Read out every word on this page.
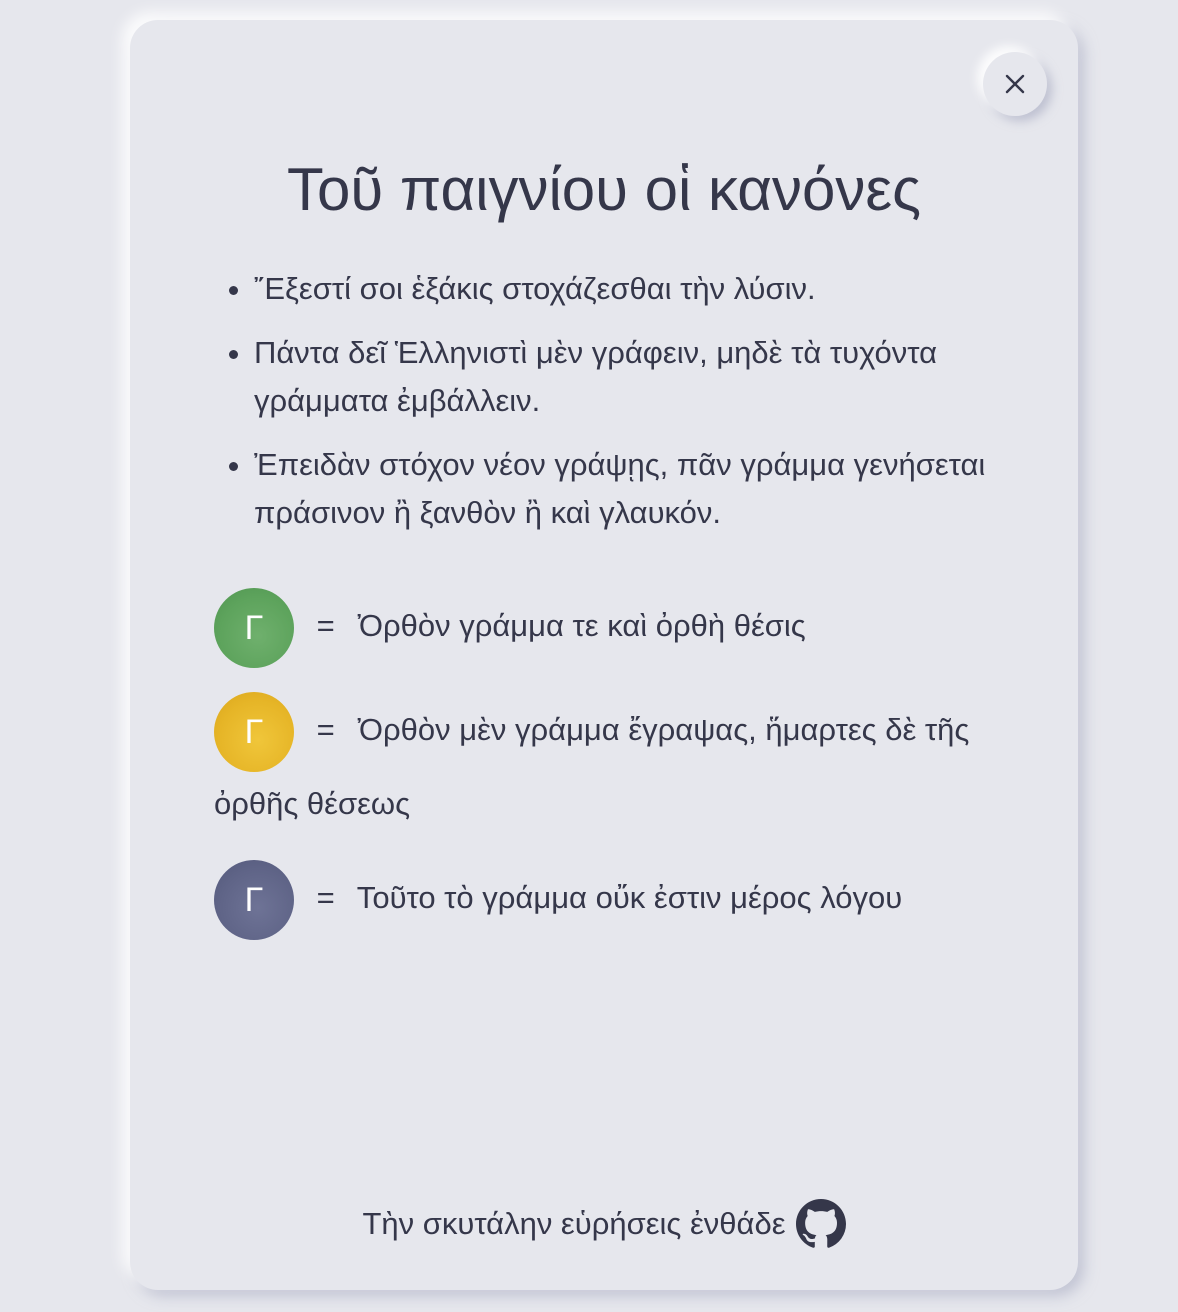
Τοῦ παιγνίου οἱ κανόνες
• ῎Εξεστί σοι ἑξάκις στοχάζεσθαι τὴν λύσιν.
• Πάντα δεῖ Ἑλληνιστὶ μὲν γράφειν, μηδὲ τὰ τυχόντα γράμματα ἐμβάλλειν.
• Ἐπειδὰν στόχον νέον γράψῃς, πᾶν γράμμα γενήσεται πράσινον ἢ ξανθὸν ἢ καὶ γλαυκόν.
Γ = Ὀρθὸν γράμμα τε καὶ ὀρθὴ θέσις
Γ = Ὀρθὸν μὲν γράμμα ἔγραψας, ἥμαρτες δὲ τῆς ὀρθῆς θέσεως
Γ = Τοῦτο τὸ γράμμα οὔκ ἐστιν μέρος λόγου
Τὴν σκυτάλην εὑρήσεις ἐνθάδε
